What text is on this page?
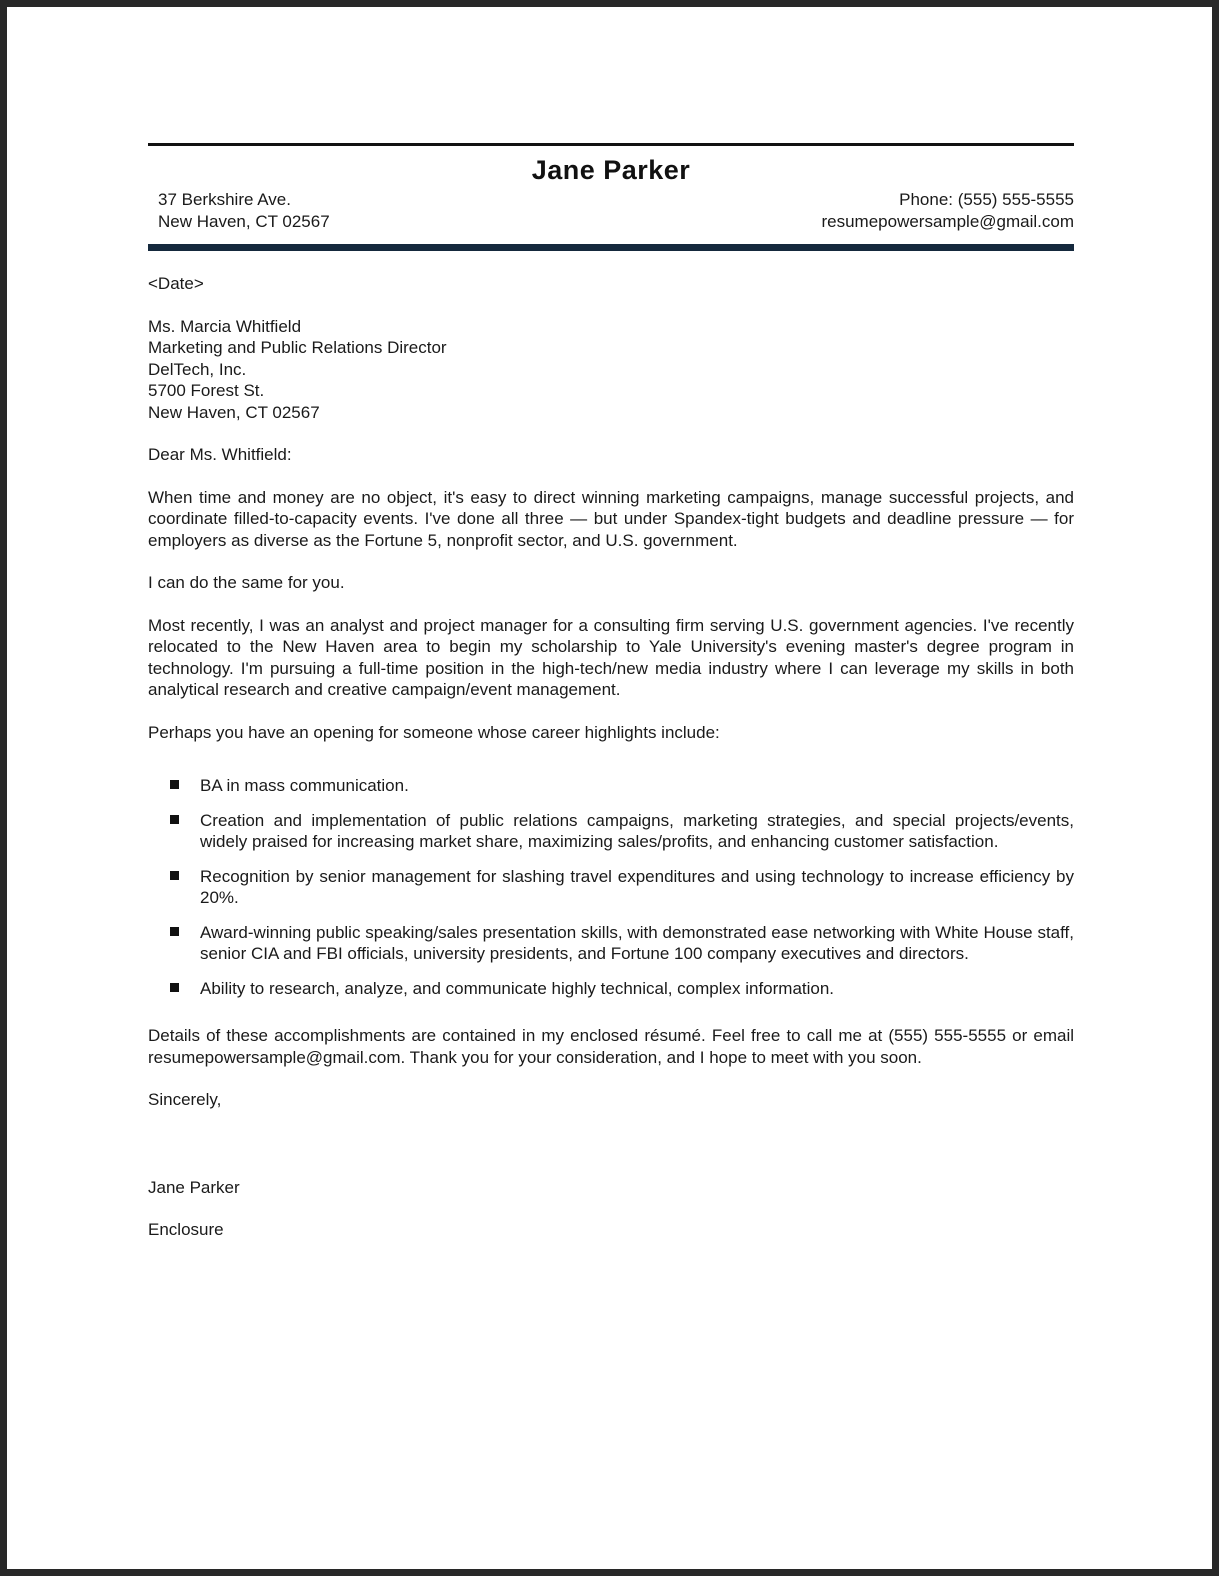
Jane Parker
37 Berkshire Ave.
New Haven, CT 02567
Phone: (555) 555-5555
resumepowersample@gmail.com
<Date>
Ms. Marcia Whitfield
Marketing and Public Relations Director
DelTech, Inc.
5700 Forest St.
New Haven, CT 02567
Dear Ms. Whitfield:
When time and money are no object, it's easy to direct winning marketing campaigns, manage successful projects, and coordinate filled-to-capacity events. I've done all three — but under Spandex-tight budgets and deadline pressure — for employers as diverse as the Fortune 5, nonprofit sector, and U.S. government.
I can do the same for you.
Most recently, I was an analyst and project manager for a consulting firm serving U.S. government agencies. I've recently relocated to the New Haven area to begin my scholarship to Yale University's evening master's degree program in technology. I'm pursuing a full-time position in the high-tech/new media industry where I can leverage my skills in both analytical research and creative campaign/event management.
Perhaps you have an opening for someone whose career highlights include:
BA in mass communication.
Creation and implementation of public relations campaigns, marketing strategies, and special projects/events, widely praised for increasing market share, maximizing sales/profits, and enhancing customer satisfaction.
Recognition by senior management for slashing travel expenditures and using technology to increase efficiency by 20%.
Award-winning public speaking/sales presentation skills, with demonstrated ease networking with White House staff, senior CIA and FBI officials, university presidents, and Fortune 100 company executives and directors.
Ability to research, analyze, and communicate highly technical, complex information.
Details of these accomplishments are contained in my enclosed résumé. Feel free to call me at (555) 555-5555 or email resumepowersample@gmail.com. Thank you for your consideration, and I hope to meet with you soon.
Sincerely,
Jane Parker
Enclosure
